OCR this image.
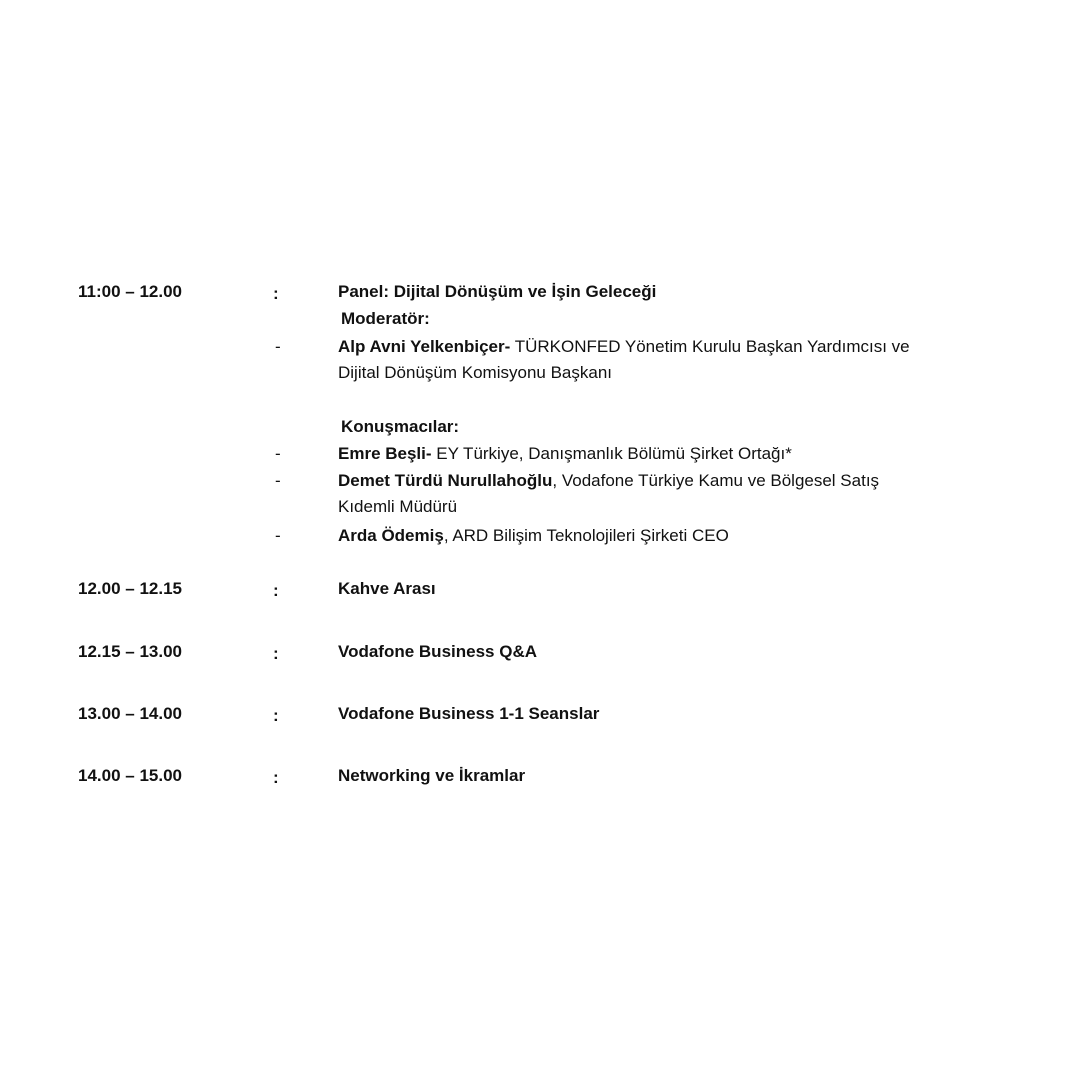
11:00 – 12.00	:	Panel: Dijital Dönüşüm ve İşin Geleceği
Moderatör:
-	Alp Avni Yelkenbiçer- TÜRKONFED Yönetim Kurulu Başkan Yardımcısı ve
Dijital Dönüşüm Komisyonu Başkanı
Konuşmacılar:
-	Emre Beşli- EY Türkiye, Danışmanlık Bölümü Şirket Ortağı*
-	Demet Türdü Nurullahoğlu, Vodafone Türkiye Kamu ve Bölgesel Satış
Kıdemli Müdürü
-	Arda Ödemiş, ARD Bilişim Teknolojileri Şirketi CEO
12.00 – 12.15	:	Kahve Arası
12.15 – 13.00	:	Vodafone Business Q&A
13.00 – 14.00	:	Vodafone Business 1-1 Seanslar
14.00 – 15.00	:	Networking ve İkramlar
